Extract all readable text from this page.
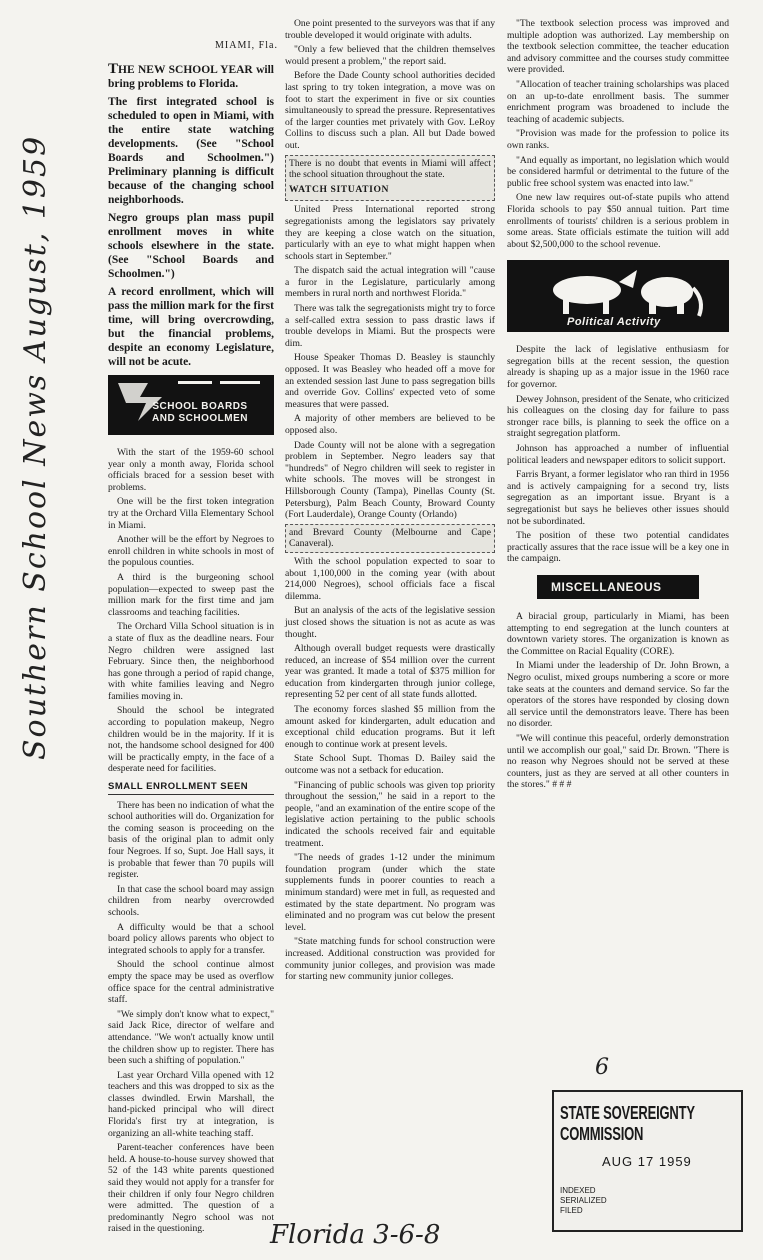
MIAMI, Fla.

THE NEW SCHOOL YEAR will bring problems to Florida.

The first integrated school is scheduled to open in Miami, with the entire state watching developments. (See "School Boards and Schoolmen.") Preliminary planning is difficult because of the changing school neighborhoods.

Negro groups plan mass pupil enrollment moves in white schools elsewhere in the state. (See "School Boards and Schoolmen.")

A record enrollment, which will pass the million mark for the first time, will bring overcrowding, but the financial problems, despite an economy Legislature, will not be acute.

SCHOOL BOARDS
AND SCHOOLMEN

With the start of the 1959-60 school year only a month away, Florida school officials braced for a session beset with problems.

One will be the first token integration try at the Orchard Villa Elementary School in Miami.

Another will be the effort by Negroes to enroll children in white schools in most of the populous counties.

A third is the burgeoning school population—expected to sweep past the million mark for the first time and jam classrooms and teaching facilities.

The Orchard Villa School situation is in a state of flux as the deadline nears. Four Negro children were assigned last February. Since then, the neighborhood has gone through a period of rapid change, with white families leaving and Negro families moving in.

Should the school be integrated according to population makeup, Negro children would be in the majority. If it is not, the handsome school designed for 400 will be practically empty, in the face of a desperate need for facilities.

SMALL ENROLLMENT SEEN

There has been no indication of what the school authorities will do. Organization for the coming season is proceeding on the basis of the original plan to admit only four Negroes. If so, Supt. Joe Hall says, it is probable that fewer than 70 pupils will register.

In that case the school board may assign children from nearby overcrowded schools.

A difficulty would be that a school board policy allows parents who object to integrated schools to apply for a transfer.

Should the school continue almost empty the space may be used as overflow office space for the central administrative staff.

"We simply don't know what to expect," said Jack Rice, director of welfare and attendance. "We won't actually know until the children show up to register. There has been such a shifting of population."

Last year Orchard Villa opened with 12 teachers and this was dropped to six as the classes dwindled. Erwin Marshall, the hand-picked principal who will direct Florida's first try at integration, is organizing an all-white teaching staff.

Parent-teacher conferences have been held. A house-to-house survey showed that 52 of the 143 white parents questioned said they would not apply for a transfer for their children if only four Negro children were admitted. The question of a predominantly Negro school was not raised in the questioning.

One point presented to the surveyors was that if any trouble developed it would originate with adults.

"Only a few believed that the children themselves would present a problem," the report said.

Before the Dade County school authorities decided last spring to try token integration, a move was on foot to start the experiment in five or six counties simultaneously to spread the pressure. Representatives of the larger counties met privately with Gov. LeRoy Collins to discuss such a plan. All but Dade bowed out.

There is no doubt that events in Miami will affect the school situation throughout the state.
WATCH SITUATION

United Press International reported strong segregationists among the legislators say privately they are keeping a close watch on the situation, particularly with an eye to what might happen when schools start in September."

The dispatch said the actual integration will "cause a furor in the Legislature, particularly among members in rural north and northwest Florida."

There was talk the segregationists might try to force a self-called extra session to pass drastic laws if trouble develops in Miami. But the prospects were dim.

House Speaker Thomas D. Beasley is staunchly opposed. It was Beasley who headed off a move for an extended session last June to pass segregation bills and override Gov. Collins' expected veto of some measures that were passed.

A majority of other members are believed to be opposed also.

Dade County will not be alone with a segregation problem in September. Negro leaders say that "hundreds" of Negro children will seek to register in white schools. The moves will be strongest in Hillsborough County (Tampa), Pinellas County (St. Petersburg), Palm Beach County, Broward County (Fort Lauderdale), Orange County (Orlando)

and Brevard County (Melbourne and Cape Canaveral).

With the school population expected to soar to about 1,100,000 in the coming year (with about 214,000 Negroes), school officials face a fiscal dilemma.

But an analysis of the acts of the legislative session just closed shows the situation is not as acute as was thought.

Although overall budget requests were drastically reduced, an increase of $54 million over the current year was granted. It made a total of $375 million for education from kindergarten through junior college, representing 52 per cent of all state funds allotted.

The economy forces slashed $5 million from the amount asked for kindergarten, adult education and exceptional child education programs. But it left enough to continue work at present levels.

State School Supt. Thomas D. Bailey said the outcome was not a setback for education.

"Financing of public schools was given top priority throughout the session," he said in a report to the people, "and an examination of the entire scope of the legislative action pertaining to the public schools indicated the schools received fair and equitable treatment.

"The needs of grades 1-12 under the minimum foundation program (under which the state supplements funds in poorer counties to reach a minimum standard) were met in full, as requested and estimated by the state department. No program was eliminated and no program was cut below the present level.

"State matching funds for school construction were increased. Additional construction was provided for community junior colleges, and provision was made for starting new community junior colleges.

"The textbook selection process was improved and multiple adoption was authorized. Lay membership on the textbook selection committee, the teacher education and advisory committee and the courses study committee were provided.

"Allocation of teacher training scholarships was placed on an up-to-date enrollment basis. The summer enrichment program was broadened to include the teaching of academic subjects.

"Provision was made for the profession to police its own ranks.

"And equally as important, no legislation which would be considered harmful or detrimental to the future of the public free school system was enacted into law."

One new law requires out-of-state pupils who attend Florida schools to pay $50 annual tuition. Part time enrollments of tourists' children is a serious problem in some areas. State officials estimate the tuition will add about $2,500,000 to the school revenue.

Political Activity

Despite the lack of legislative enthusiasm for segregation bills at the recent session, the question already is shaping up as a major issue in the 1960 race for governor.

Dewey Johnson, president of the Senate, who criticized his colleagues on the closing day for failure to pass stronger race bills, is planning to seek the office on a straight segregation platform.

Johnson has approached a number of influential political leaders and newspaper editors to solicit support.

Farris Bryant, a former legislator who ran third in 1956 and is actively campaigning for a second try, lists segregation as an important issue. Bryant is a segregationist but says he believes other issues should not be subordinated.

The position of these two potential candidates practically assures that the race issue will be a key one in the campaign.

MISCELLANEOUS

A biracial group, particularly in Miami, has been attempting to end segregation at the lunch counters at downtown variety stores. The organization is known as the Committee on Racial Equality (CORE).

In Miami under the leadership of Dr. John Brown, a Negro oculist, mixed groups numbering a score or more take seats at the counters and demand service. So far the operators of the stores have responded by closing down all service until the demonstrators leave. There has been no disorder.

"We will continue this peaceful, orderly demonstration until we accomplish our goal," said Dr. Brown. "There is no reason why Negroes should not be served at these counters, just as they are served at all other counters in the stores." # # #

STATE SOVEREIGNTY COMMISSION
AUG 17 1959
INDEXED
SERIALIZED
FILED
Southern School News August, 1959
Florida 3-6-8
6
